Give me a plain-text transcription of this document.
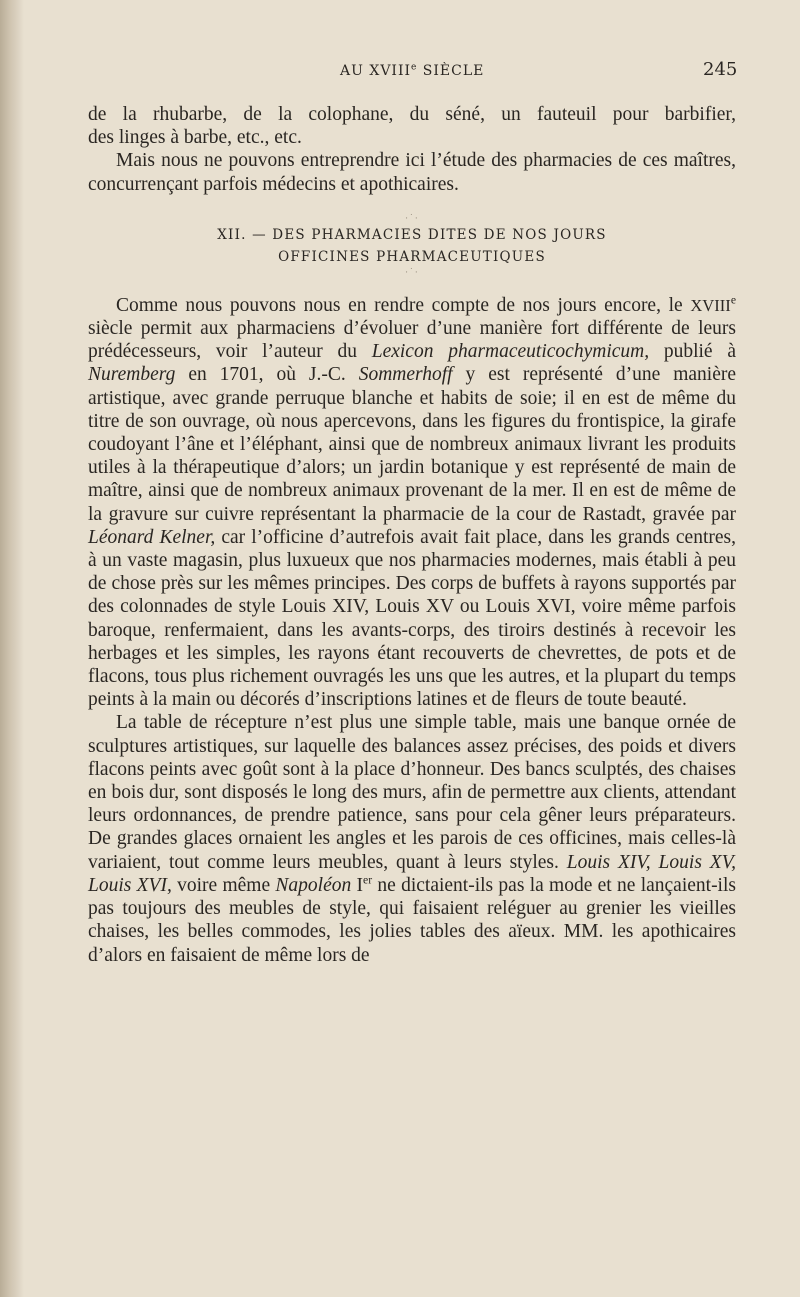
AU XVIIIe SIÈCLE	245

de la rhubarbe, de la colophane, du séné, un fauteuil pour barbifier,

des linges à barbe, etc., etc.

Mais nous ne pouvons entreprendre ici l’étude des pharmacies de ces maîtres, concurrençant parfois médecins et apothicaires.

·˙·
XII. — DES PHARMACIES DITES DE NOS JOURS
OFFICINES PHARMACEUTIQUES
·˙·

Comme nous pouvons nous en rendre compte de nos jours encore, le XVIIIe siècle permit aux pharmaciens d’évoluer d’une manière fort différente de leurs prédécesseurs, voir l’auteur du Lexicon pharmaceuticochymicum, publié à Nuremberg en 1701, où J.-C. Sommerhoff y est représenté d’une manière artistique, avec grande perruque blanche et habits de soie; il en est de même du titre de son ouvrage, où nous apercevons, dans les figures du frontispice, la girafe coudoyant l’âne et l’éléphant, ainsi que de nombreux animaux livrant les produits utiles à la thérapeutique d’alors; un jardin botanique y est représenté de main de maître, ainsi que de nombreux animaux provenant de la mer. Il en est de même de la gravure sur cuivre représentant la pharmacie de la cour de Rastadt, gravée par Léonard Kelner, car l’officine d’autrefois avait fait place, dans les grands centres, à un vaste magasin, plus luxueux que nos pharmacies modernes, mais établi à peu de chose près sur les mêmes principes. Des corps de buffets à rayons supportés par des colonnades de style Louis XIV, Louis XV ou Louis XVI, voire même parfois baroque, renfermaient, dans les avants-corps, des tiroirs destinés à recevoir les herbages et les simples, les rayons étant recouverts de chevrettes, de pots et de flacons, tous plus richement ouvragés les uns que les autres, et la plupart du temps peints à la main ou décorés d’inscriptions latines et de fleurs de toute beauté.

La table de récepture n’est plus une simple table, mais une banque ornée de sculptures artistiques, sur laquelle des balances assez précises, des poids et divers flacons peints avec goût sont à la place d’honneur. Des bancs sculptés, des chaises en bois dur, sont disposés le long des murs, afin de permettre aux clients, attendant leurs ordonnances, de prendre patience, sans pour cela gêner leurs préparateurs. De grandes glaces ornaient les angles et les parois de ces officines, mais celles-là variaient, tout comme leurs meubles, quant à leurs styles. Louis XIV, Louis XV, Louis XVI, voire même Napoléon Ier ne dictaient-ils pas la mode et ne lançaient-ils pas toujours des meubles de style, qui faisaient reléguer au grenier les vieilles chaises, les belles commodes, les jolies tables des aïeux. MM. les apothicaires d’alors en faisaient de même lors de
